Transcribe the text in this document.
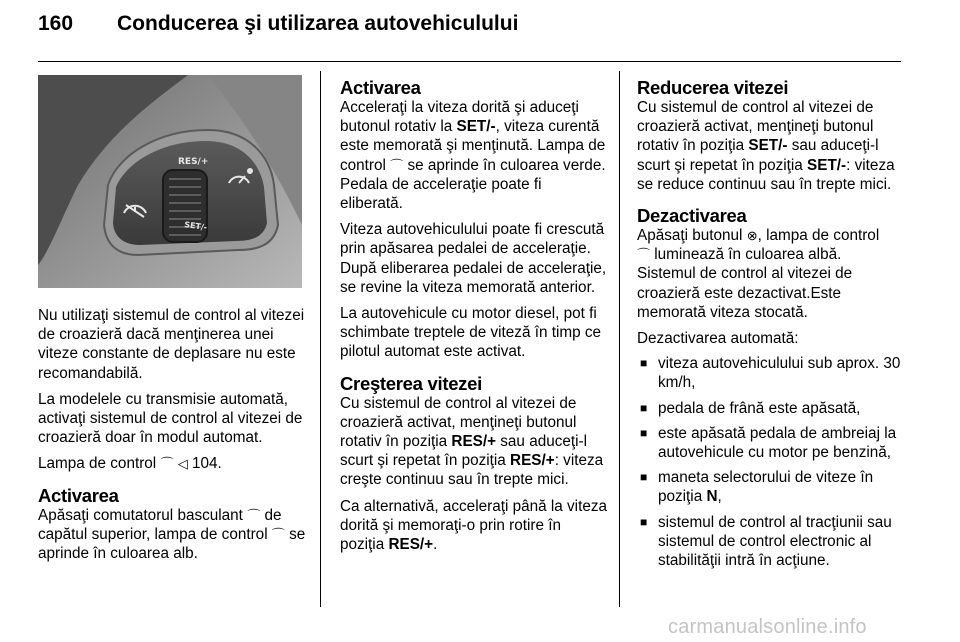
160 Conducerea şi utilizarea autovehiculului
RES/+
SET/-

Nu utilizaţi sistemul de control al vitezei de croazieră dacă menţinerea unei viteze constante de deplasare nu este recomandabilă.

La modelele cu transmisie automată, activaţi sistemul de control al vitezei de croazieră doar în modul automat.

Lampa de control ⌒ ◁ 104.

Activarea

Apăsaţi comutatorul basculant ⌒ de capătul superior, lampa de control ⌒ se aprinde în culoarea alb.

Activarea

Acceleraţi la viteza dorită şi aduceţi butonul rotativ la SET/-, viteza curentă este memorată şi menţinută. Lampa de control ⌒ se aprinde în culoarea verde. Pedala de acceleraţie poate fi eliberată.

Viteza autovehiculului poate fi crescută prin apăsarea pedalei de acceleraţie. După eliberarea pedalei de acceleraţie, se revine la viteza memorată anterior.

La autovehicule cu motor diesel, pot fi schimbate treptele de viteză în timp ce pilotul automat este activat.

Creşterea vitezei

Cu sistemul de control al vitezei de croazieră activat, menţineţi butonul rotativ în poziţia RES/+ sau aduceţi-l scurt şi repetat în poziţia RES/+: viteza creşte continuu sau în trepte mici.

Ca alternativă, acceleraţi până la viteza dorită şi memoraţi-o prin rotire în poziţia RES/+.

Reducerea vitezei

Cu sistemul de control al vitezei de croazieră activat, menţineţi butonul rotativ în poziţia SET/- sau aduceţi-l scurt şi repetat în poziţia SET/-: viteza se reduce continuu sau în trepte mici.

Dezactivarea

Apăsaţi butonul ⊗, lampa de control
⌒ luminează în culoarea albă.
Sistemul de control al vitezei de croazieră este dezactivat.Este memorată viteza stocată.

Dezactivarea automată:

■ viteza autovehiculului sub aprox. 30 km/h,
■ pedala de frână este apăsată,
■ este apăsată pedala de ambreiaj la autovehicule cu motor pe benzină,
■ maneta selectorului de viteze în poziţia N,
■ sistemul de control al tracţiunii sau sistemul de control electronic al stabilităţii intră în acţiune.
carmanualsonline.info
